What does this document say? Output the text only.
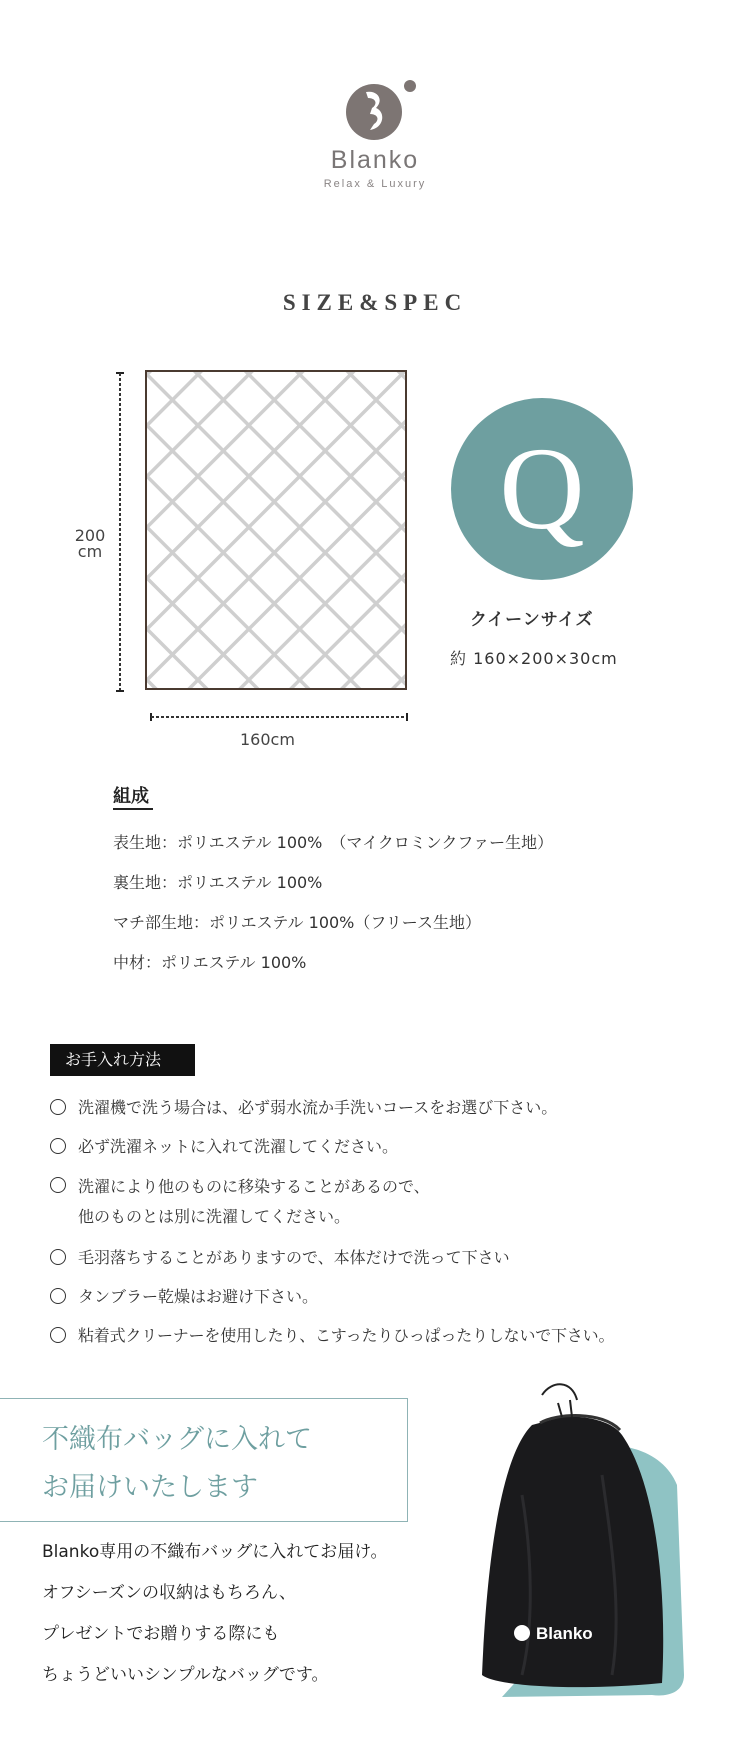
Blanko
Relax & Luxury
SIZE&SPEC
200
cm
160cm
Q
クイーンサイズ
約 160×200×30cm
組成
表生地：ポリエステル 100%　（マイクロミンクファー生地）
裏生地：ポリエステル 100%
マチ部生地：ポリエステル 100%（フリース生地）
中材：ポリエステル 100%
お手入れ方法
洗濯機で洗う場合は、必ず弱水流か手洗いコースをお選び下さい。
必ず洗濯ネットに入れて洗濯してください。
洗濯により他のものに移染することがあるので、
他のものとは別に洗濯してください。
毛羽落ちすることがありますので、本体だけで洗って下さい
タンブラー乾燥はお避け下さい。
粘着式クリーナーを使用したり、こすったりひっぱったりしないで下さい。
不織布バッグに入れて
お届けいたします
Blanko専用の不織布バッグに入れてお届け。
オフシーズンの収納はもちろん、
プレゼントでお贈りする際にも
ちょうどいいシンプルなバッグです。
Blanko
